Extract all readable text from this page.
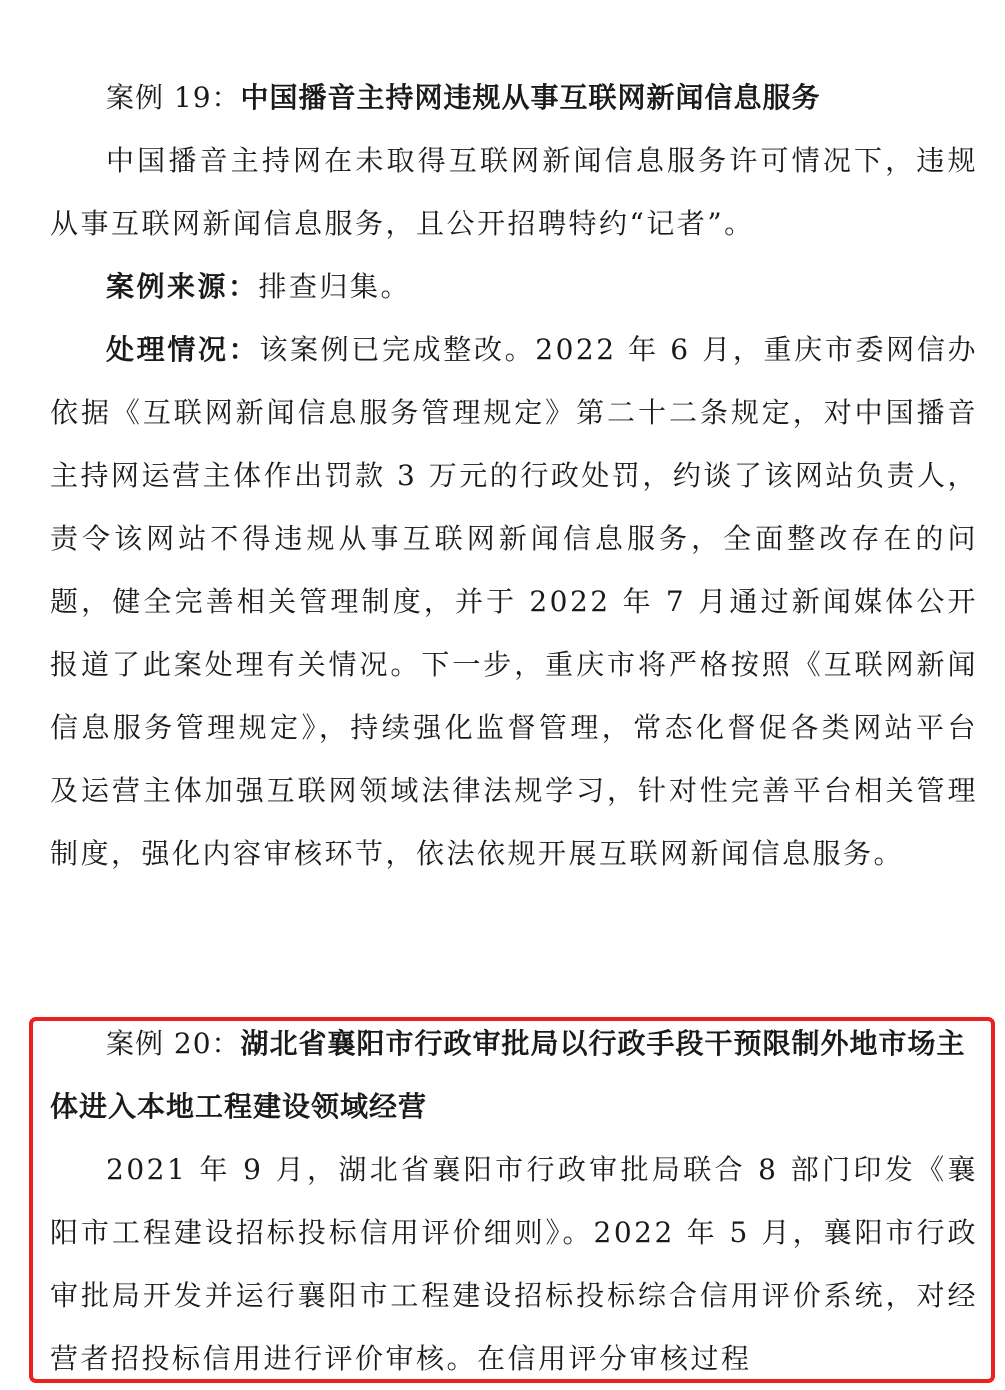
案例 19：中国播音主持网违规从事互联网新闻信息服务

中国播音主持网在未取得互联网新闻信息服务许可情况下，违规从事互联网新闻信息服务，且公开招聘特约“记者”。

案例来源：排查归集。

处理情况：该案例已完成整改。2022 年 6 月，重庆市委网信办依据《互联网新闻信息服务管理规定》第二十二条规定，对中国播音主持网运营主体作出罚款 3 万元的行政处罚，约谈了该网站负责人，责令该网站不得违规从事互联网新闻信息服务，全面整改存在的问题，健全完善相关管理制度，并于 2022 年 7 月通过新闻媒体公开报道了此案处理有关情况。下一步，重庆市将严格按照《互联网新闻信息服务管理规定》，持续强化监督管理，常态化督促各类网站平台及运营主体加强互联网领域法律法规学习，针对性完善平台相关管理制度，强化内容审核环节，依法依规开展互联网新闻信息服务。

案例 20：湖北省襄阳市行政审批局以行政手段干预限制外地市场主体进入本地工程建设领域经营

2021 年 9 月，湖北省襄阳市行政审批局联合 8 部门印发《襄阳市工程建设招标投标信用评价细则》。2022 年 5 月，襄阳市行政审批局开发并运行襄阳市工程建设招标投标综合信用评价系统，对经营者招投标信用进行评价审核。在信用评分审核过程
